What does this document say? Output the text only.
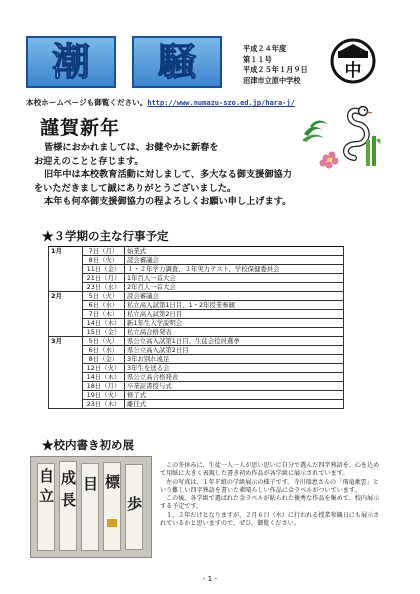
潮 騒	平成２４年度
第１１号
平成２５年１月９日
沼津市立原中学校	中
本校ホームページも御覧ください。http://www.numazu-szo.ed.jp/hara-j/
謹賀新年

皆様におかれましては、お健やかに新春を

お迎えのことと存じます。

旧年中は本校教育活動に対しまして、多大なる御支援御協力

をいただきまして誠にありがとうございました。

本年も何卒御支援御協力の程よろしくお願い申し上げます。

★３学期の主な行事予定
1月	7日（月）	始業式
	8日（火）	読会審議会
	11日（金）	１・２年学力調査、３年実力テスト、学校保健委員会
	21日（月）	1年百人一首大会
	23日（水）	2年百人一首大会
2月	5日（火）	読会審議会
	6日（水）	私立高入試第1日目、1・2年授業参観
	7日（木）	私立高入試第2日目
	14日（木）	新1年生入学説明会
	15日（金）	私立高合格発表
3月	5日（火）	県公立高入試第1日目、生徒会役員選挙
	6日（水）	県公立高入試第2日目
	8日（金）	3年お別れ遠足
	12日（火）	3年生を送る会
	14日（木）	県公立高合格発表
	18日（月）	卒業証書授与式
	19日（火）	修了式
	23日（木）	離任式
★校内書き初め展
自
立
成
長
目 標
歩

この冬休みに、生徒一人一人が思い思いに自分で選んだ四字熟語を、心を込めて用紙に大きく表現した書き初め作品が各学級に展示されています。

左の写真は、１年Ｆ組の学級展示の様子です。寺川瑞恵さんの「飛竜乗雲」という難しい四字熟語を書いた素晴らしい作品に金ラベルがついています。

この後、各学級で選ばれた金ラベルが貼られた優秀な作品を集めて、校内展示する予定です。

１，２年だけとなりますが、２月６日（水）に行われる授業参観日にも展示されているかと思いますので、ぜひ、御覧ください。

- 1 -
